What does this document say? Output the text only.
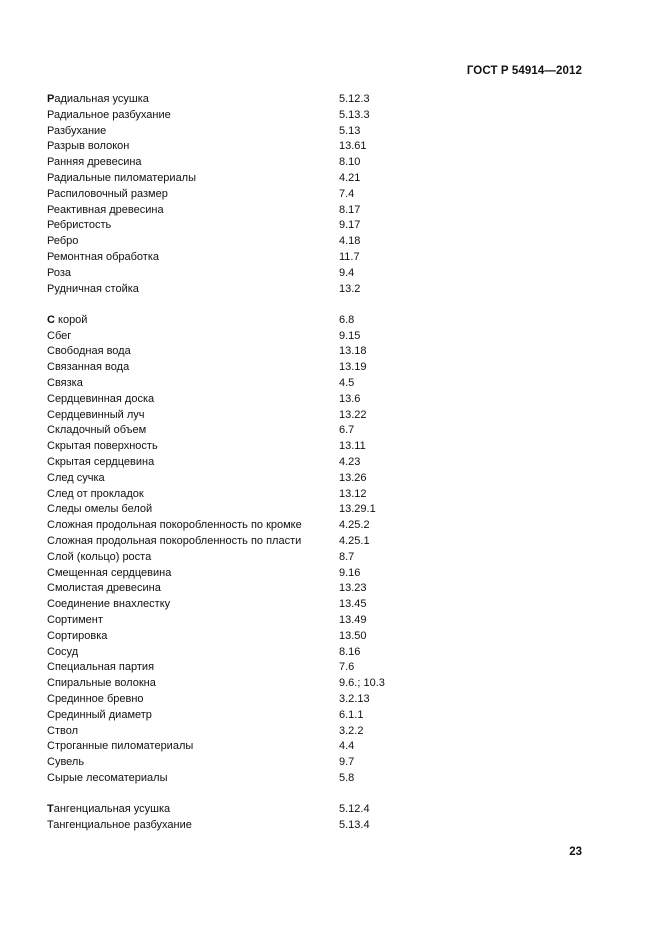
ГОСТ Р 54914—2012
Радиальная усушка	5.12.3
Радиальное разбухание	5.13.3
Разбухание	5.13
Разрыв волокон	13.61
Ранняя древесина	8.10
Радиальные пиломатериалы	4.21
Распиловочный размер	7.4
Реактивная древесина	8.17
Ребристость	9.17
Ребро	4.18
Ремонтная обработка	11.7
Роза	9.4
Рудничная стойка	13.2
С корой	6.8
Сбег	9.15
Свободная вода	13.18
Связанная вода	13.19
Связка	4.5
Сердцевинная доска	13.6
Сердцевинный луч	13.22
Складочный объем	6.7
Скрытая поверхность	13.11
Скрытая сердцевина	4.23
След сучка	13.26
След от прокладок	13.12
Следы омелы белой	13.29.1
Сложная продольная покоробленность по кромке	4.25.2
Сложная продольная покоробленность по пласти	4.25.1
Слой (кольцо) роста	8.7
Смещенная сердцевина	9.16
Смолистая древесина	13.23
Соединение внахлестку	13.45
Сортимент	13.49
Сортировка	13.50
Сосуд	8.16
Специальная партия	7.6
Спиральные волокна	9.6.; 10.3
Срединное бревно	3.2.13
Срединный диаметр	6.1.1
Ствол	3.2.2
Строганные пиломатериалы	4.4
Сувель	9.7
Сырые лесоматериалы	5.8
Тангенциальная усушка	5.12.4
Тангенциальное разбухание	5.13.4
23
